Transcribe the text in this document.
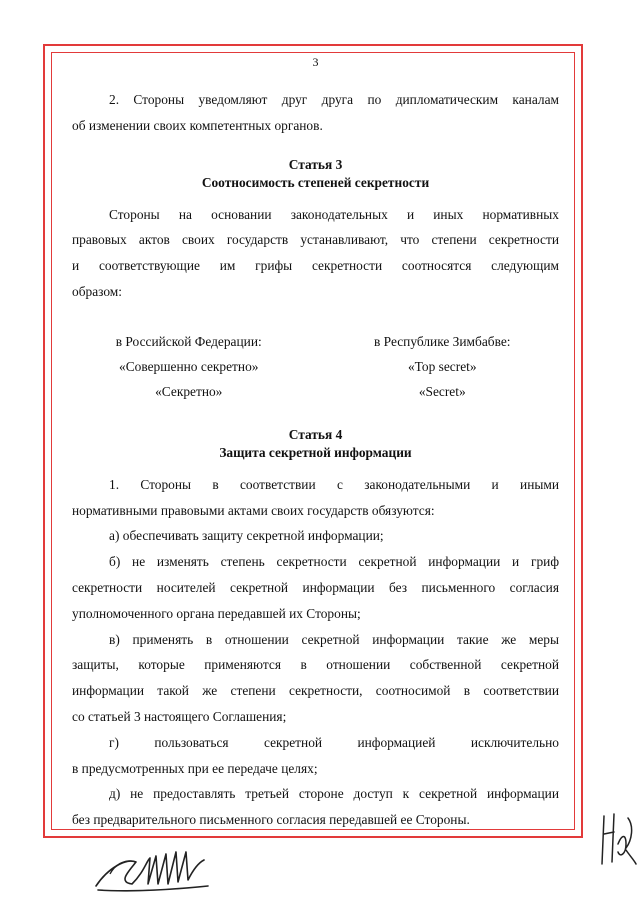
3

2. Стороны уведомляют друг друга по дипломатическим каналам

об изменении своих компетентных органов.

Статья 3
Соотносимость степеней секретности

Стороны на основании законодательных и иных нормативных

правовых актов своих государств устанавливают, что степени секретности

и соответствующие им грифы секретности соотносятся следующим

образом:

в Российской Федерации:
«Совершенно секретно»
«Секретно»
в Республике Зимбабве:
«Top secret»
«Secret»
Статья 4
Защита секретной информации

1. Стороны в соответствии с законодательными и иными

нормативными правовыми актами своих государств обязуются:

а) обеспечивать защиту секретной информации;

б) не изменять степень секретности секретной информации и гриф

секретности носителей секретной информации без письменного согласия

уполномоченного органа передавшей их Стороны;

в) применять в отношении секретной информации такие же меры

защиты, которые применяются в отношении собственной секретной

информации такой же степени секретности, соотносимой в соответствии

со статьей 3 настоящего Соглашения;

г) пользоваться секретной информацией исключительно

в предусмотренных при ее передаче целях;

д) не предоставлять третьей стороне доступ к секретной информации

без предварительного письменного согласия передавшей ее Стороны.
